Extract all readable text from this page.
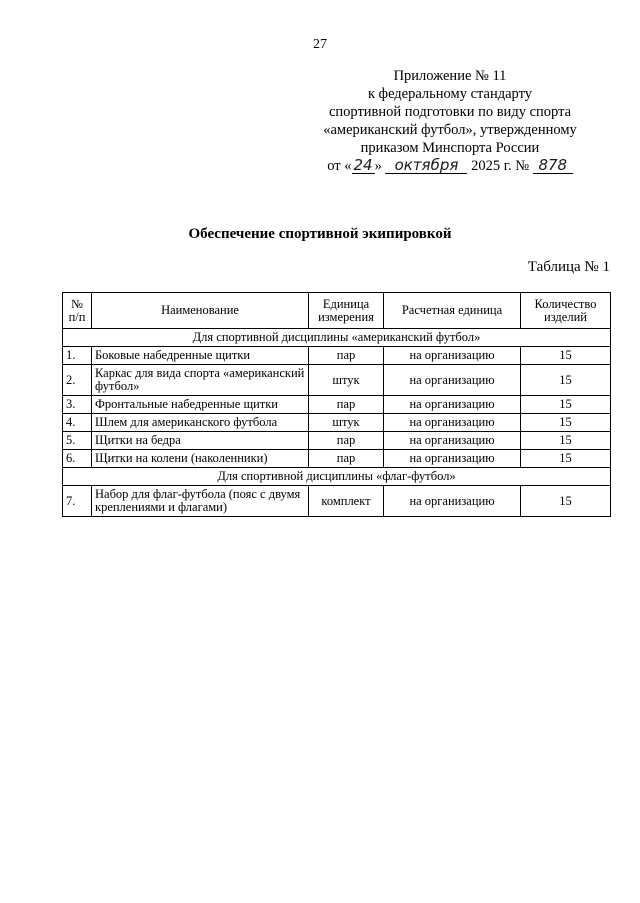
27
Приложение № 11
к федеральному стандарту
спортивной подготовки по виду спорта
«американский футбол», утвержденному
приказом Минспорта России
от « 24 » октября 2025 г. № 878
Обеспечение спортивной экипировкой
Таблица № 1
№ п/п	Наименование	Единица измерения	Расчетная единица	Количество изделий
Для спортивной дисциплины «американский футбол»				
1.	Боковые набедренные щитки	пар	на организацию	15
2.	Каркас для вида спорта «американский футбол»	штук	на организацию	15
3.	Фронтальные набедренные щитки	пар	на организацию	15
4.	Шлем для американского футбола	штук	на организацию	15
5.	Щитки на бедра	пар	на организацию	15
6.	Щитки на колени (наколенники)	пар	на организацию	15
Для спортивной дисциплины «флаг-футбол»				
7.	Набор для флаг-футбола (пояс с двумя креплениями и флагами)	комплект	на организацию	15
